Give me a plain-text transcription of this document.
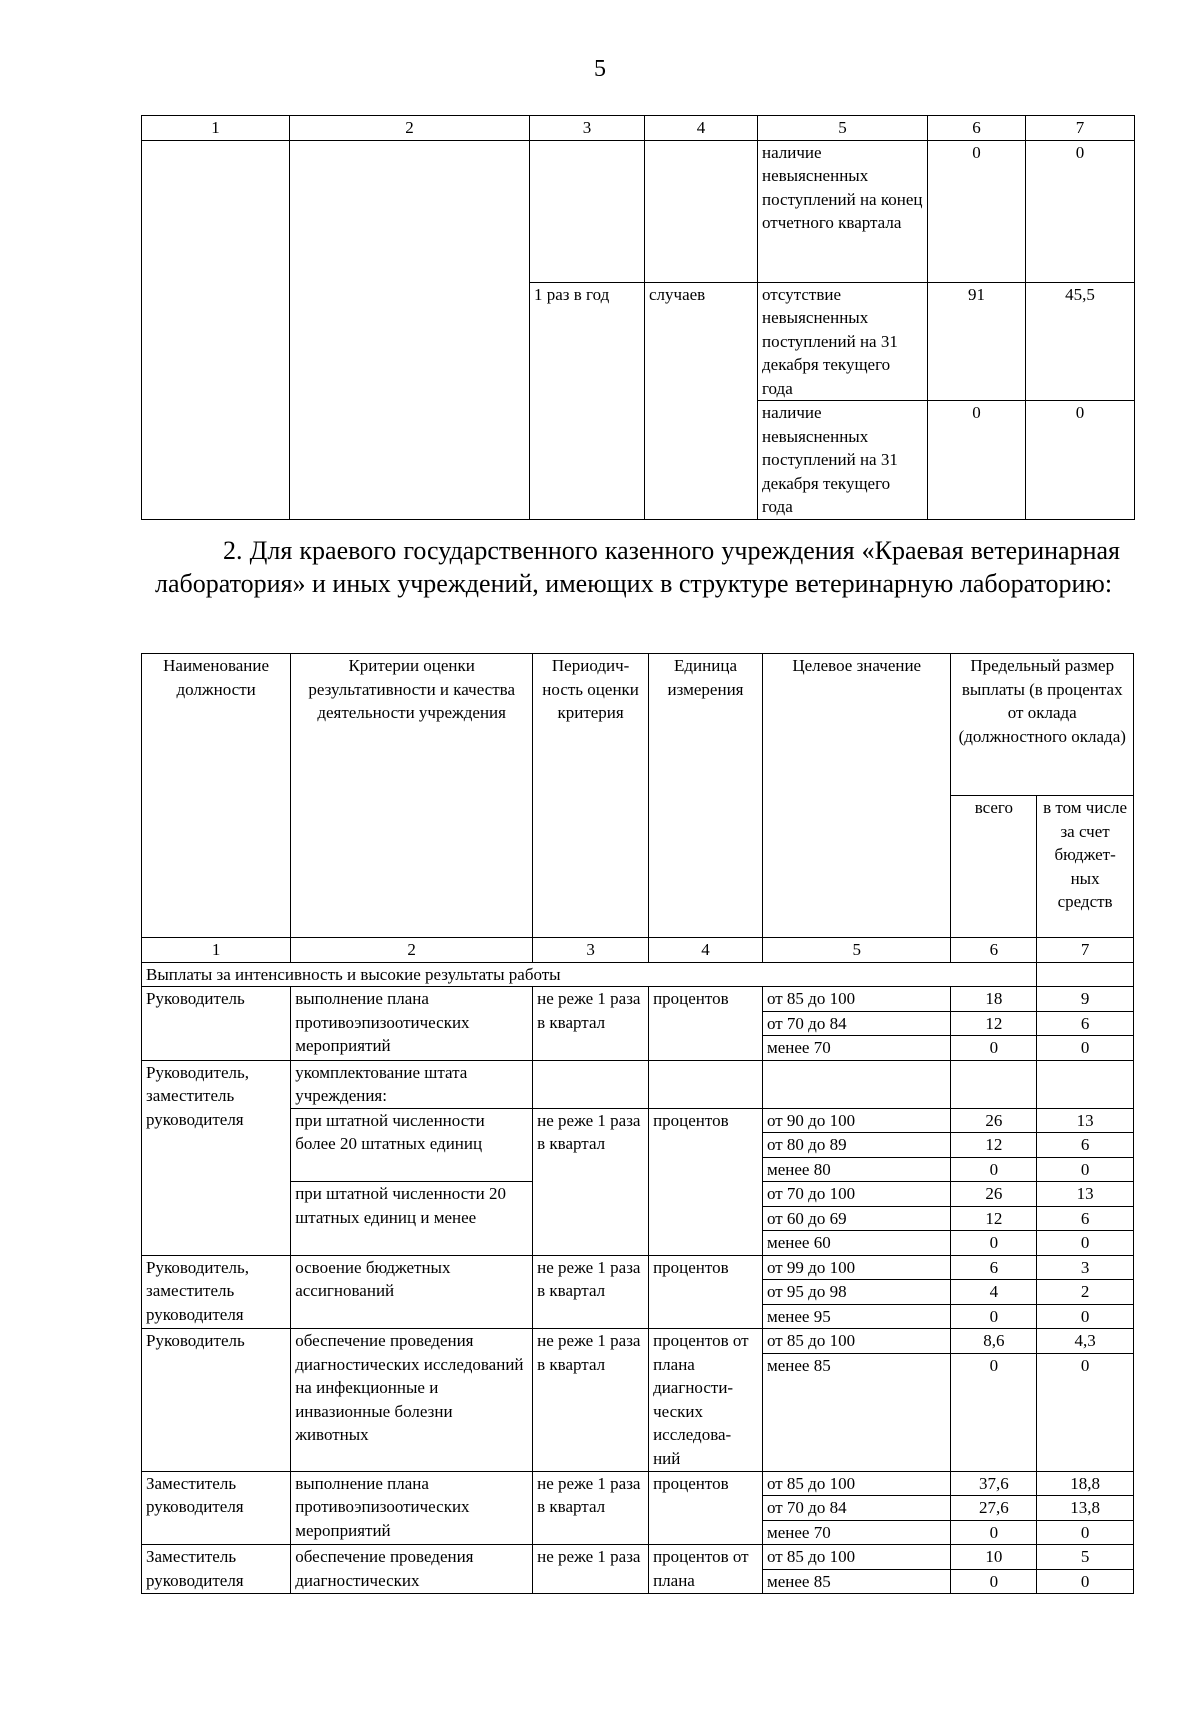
5
1	2	3	4	5	6	7
				наличие невыясненных поступлений на конец отчетного квартала	0	0
		1 раз в год	случаев	отсутствие невыясненных поступлений на 31 декабря текущего года	91	45,5
				наличие невыясненных поступлений на 31 декабря текущего года	0	0
2. Для краевого государственного казенного учреждения «Краевая ветеринарная лаборатория» и иных учреждений, имеющих в структуре ветеринарную лабораторию:
Наименование должности	Критерии оценки результативности и качества деятельности учреждения	Периодич-ность оценки критерия	Единица измерения	Целевое значение	Предельный размер выплаты (в процентах от оклада (должностного оклада)	
					всего	в том числе за счет бюджет-ных средств
1	2	3	4	5	6	7
Выплаты за интенсивность и высокие результаты работы						
Руководитель	выполнение плана противоэпизоотических мероприятий	не реже 1 раза в квартал	процентов	от 85 до 100	18	9
				от 70 до 84	12	6
				менее 70	0	0
Руководитель, заместитель руководителя	укомплектование штата учреждения:					
	при штатной численности более 20 штатных единиц	не реже 1 раза в квартал	процентов	от 90 до 100	26	13
				от 80 до 89	12	6
				менее 80	0	0
	при штатной численности 20 штатных единиц и менее			от 70 до 100	26	13
				от 60 до 69	12	6
				менее 60	0	0
Руководитель, заместитель руководителя	освоение бюджетных ассигнований	не реже 1 раза в квартал	процентов	от 99 до 100	6	3
				от 95 до 98	4	2
				менее 95	0	0
Руководитель	обеспечение проведения диагностических исследований на инфекционные и инвазионные болезни животных	не реже 1 раза в квартал	процентов от плана диагности-ческих исследова-ний	от 85 до 100	8,6	4,3
				менее 85	0	0
Заместитель руководителя	выполнение плана противоэпизоотических мероприятий	не реже 1 раза в квартал	процентов	от 85 до 100	37,6	18,8
				от 70 до 84	27,6	13,8
				менее 70	0	0
Заместитель руководителя	обеспечение проведения диагностических	не реже 1 раза	процентов от плана	от 85 до 100	10	5
				менее 85	0	0
